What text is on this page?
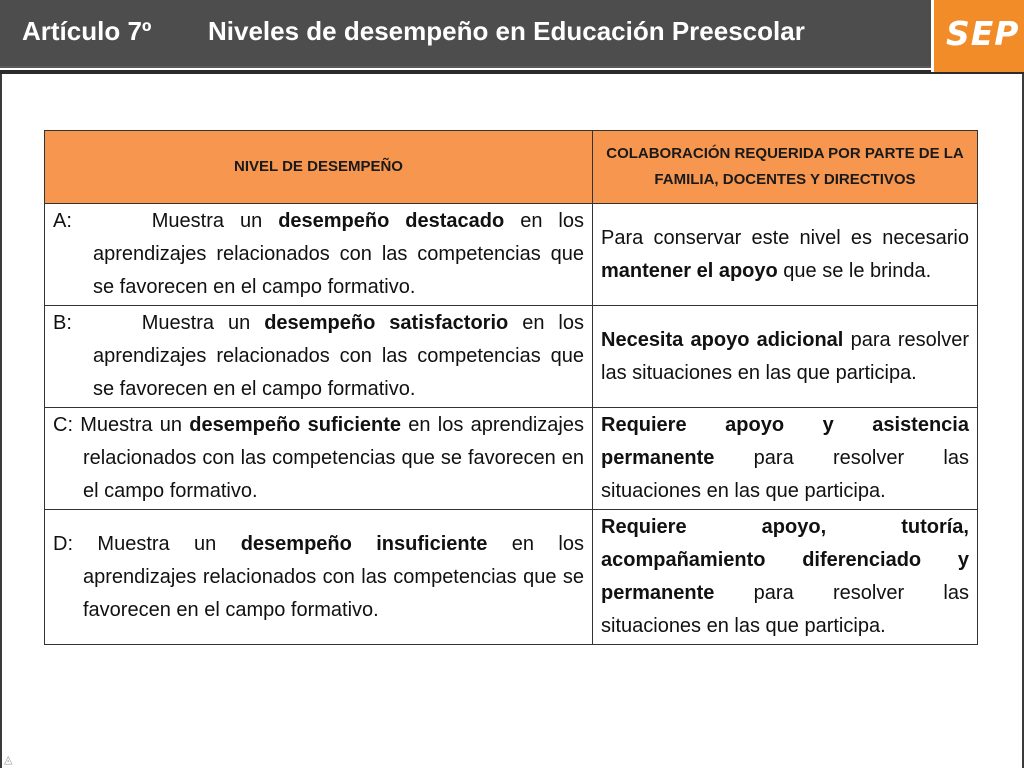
Artículo 7º Niveles de desempeño en Educación Preescolar	SEP
◬
NIVEL DE DESEMPEÑO	COLABORACIÓN REQUERIDA POR PARTE DE LA FAMILIA, DOCENTES Y DIRECTIVOS

A: Muestra un desempeño destacado en los aprendizajes relacionados con las competencias que se favorecen en el campo formativo.	Para conservar este nivel es necesario mantener el apoyo que se le brinda.

B: Muestra un desempeño satisfactorio en los aprendizajes relacionados con las competencias que se favorecen en el campo formativo.	Necesita apoyo adicional para resolver las situaciones en las que participa.

C: Muestra un desempeño suficiente en los aprendizajes relacionados con las competencias que se favorecen en el campo formativo.	Requiere apoyo y asistencia permanente para resolver las situaciones en las que participa.

D: Muestra un desempeño insuficiente en los aprendizajes relacionados con las competencias que se favorecen en el campo formativo.	Requiere apoyo, tutoría, acompañamiento diferenciado y permanente para resolver las situaciones en las que participa.
